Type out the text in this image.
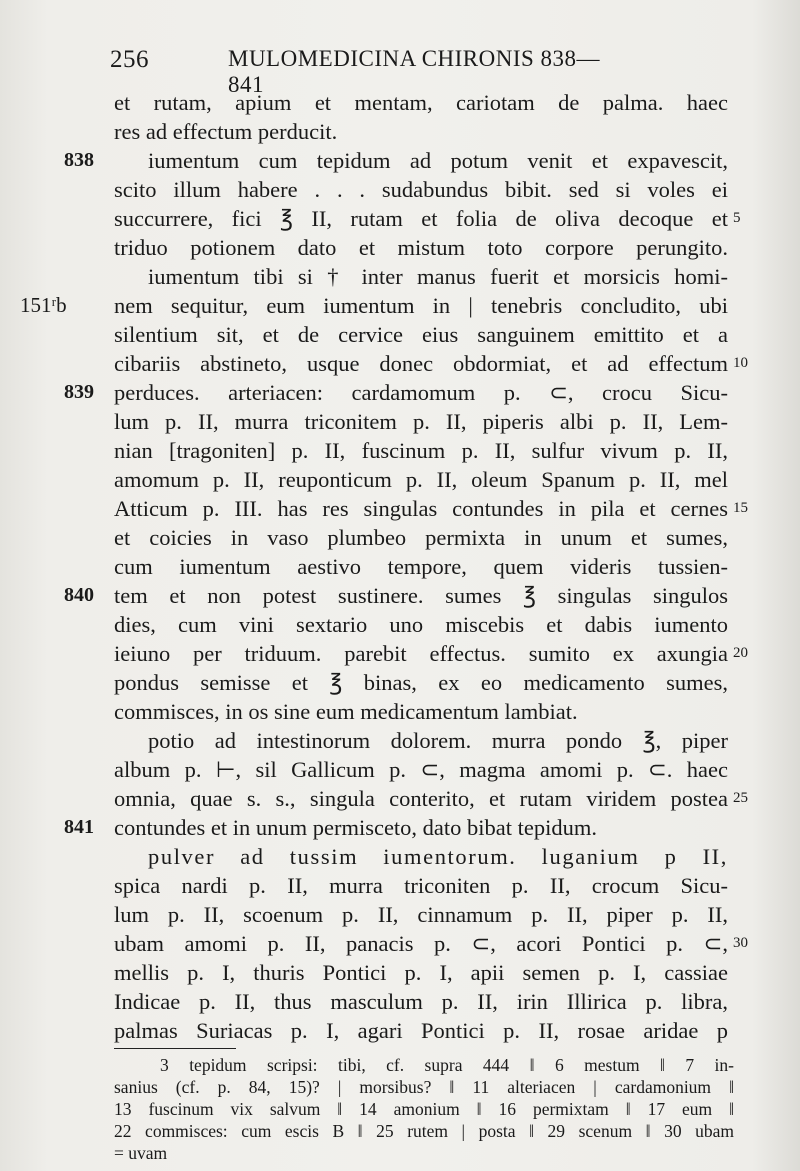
256	MULOMEDICINA CHIRONIS 838—841
838
839
840
841
151ʳb
5
10
15
20
25
30
et rutam, apium et mentam, cariotam de palma. haec
res ad effectum perducit.
iumentum cum tepidum ad potum venit et expavescit,
scito illum habere . . . sudabundus bibit. sed si voles ei
succurrere, fici ℥ II, rutam et folia de oliva decoque et
triduo potionem dato et mistum toto corpore perungito.
iumentum tibi si † inter manus fuerit et morsicis homi-
nem sequitur, eum iumentum in | tenebris concludito, ubi
silentium sit, et de cervice eius sanguinem emittito et a
cibariis abstineto, usque donec obdormiat, et ad effectum
perduces. arteriacen: cardamomum p. ⊂, crocu Sicu-
lum p. II, murra triconitem p. II, piperis albi p. II, Lem-
nian [tragoniten] p. II, fuscinum p. II, sulfur vivum p. II,
amomum p. II, reuponticum p. II, oleum Spanum p. II, mel
Atticum p. III. has res singulas contundes in pila et cernes
et coicies in vaso plumbeo permixta in unum et sumes,
cum iumentum aestivo tempore, quem videris tussien-
tem et non potest sustinere. sumes ℥ singulas singulos
dies, cum vini sextario uno miscebis et dabis iumento
ieiuno per triduum. parebit effectus. sumito ex axungia
pondus semisse et ℥ binas, ex eo medicamento sumes,
commisces, in os sine eum medicamentum lambiat.
potio ad intestinorum dolorem. murra pondo ℥, piper
album p. ⊢, sil Gallicum p. ⊂, magma amomi p. ⊂. haec
omnia, quae s. s., singula conterito, et rutam viridem postea
contundes et in unum permisceto, dato bibat tepidum.
pulver ad tussim iumentorum. luganium p II,
spica nardi p. II, murra triconiten p. II, crocum Sicu-
lum p. II, scoenum p. II, cinnamum p. II, piper p. II,
ubam amomi p. II, panacis p. ⊂, acori Pontici p. ⊂,
mellis p. I, thuris Pontici p. I, apii semen p. I, cassiae
Indicae p. II, thus masculum p. II, irin Illirica p. libra,
palmas Suriacas p. I, agari Pontici p. II, rosae aridae p
3 tepidum scripsi: tibi, cf. supra 444 ‖ 6 mestum ‖ 7 in-
sanius (cf. p. 84, 15)? | morsibus? ‖ 11 alteriacen | cardamonium ‖
13 fuscinum vix salvum ‖ 14 amonium ‖ 16 permixtam ‖ 17 eum ‖
22 commisces: cum escis B ‖ 25 rutem | posta ‖ 29 scenum ‖ 30 ubam
= uvam
